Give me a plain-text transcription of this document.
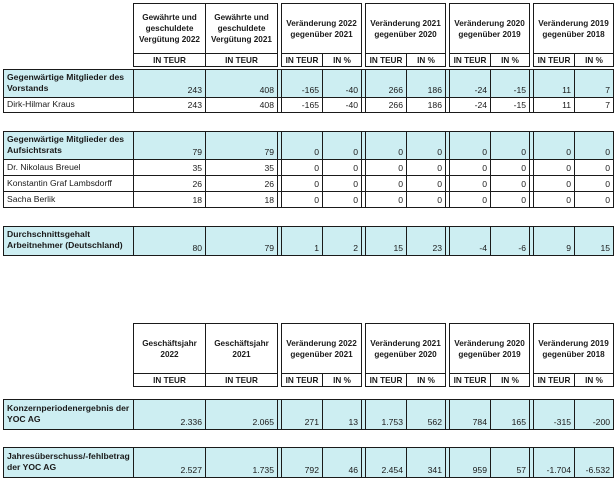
	Gewährte und geschuldete Vergütung 2022	Gewährte und geschuldete Vergütung 2021		Veränderung 2022 gegenüber 2021			Veränderung 2021 gegenüber 2020			Veränderung 2020 gegenüber 2019			Veränderung 2019 gegenüber 2018	
	IN TEUR	IN TEUR		IN TEUR	IN %		IN TEUR	IN %		IN TEUR	IN %		IN TEUR	IN %

Gegenwärtige Mitglieder des Vorstands	243	408		-165	-40		266	186		-24	-15		11	7
Dirk-Hilmar Kraus	243	408		-165	-40		266	186		-24	-15		11	7

Gegenwärtige Mitglieder des Aufsichtsrats	79	79		0	0		0	0		0	0		0	0
Dr. Nikolaus Breuel	35	35		0	0		0	0		0	0		0	0
Konstantin Graf Lambsdorff	26	26		0	0		0	0		0	0		0	0
Sacha Berlik	18	18		0	0		0	0		0	0		0	0

Durchschnittsgehalt Arbeitnehmer (Deutschland)	80	79		1	2		15	23		-4	-6		9	15
	Geschäftsjahr 2022	Geschäftsjahr 2021		Veränderung 2022 gegenüber 2021			Veränderung 2021 gegenüber 2020			Veränderung 2020 gegenüber 2019			Veränderung 2019 gegenüber 2018	
	IN TEUR	IN TEUR		IN TEUR	IN %		IN TEUR	IN %		IN TEUR	IN %		IN TEUR	IN %

Konzernperiodenergebnis der YOC AG	2.336	2.065		271	13		1.753	562		784	165		-315	-200

Jahresüberschuss/-fehlbetrag der YOC AG	2.527	1.735		792	46		2.454	341		959	57		-1.704	-6.532
